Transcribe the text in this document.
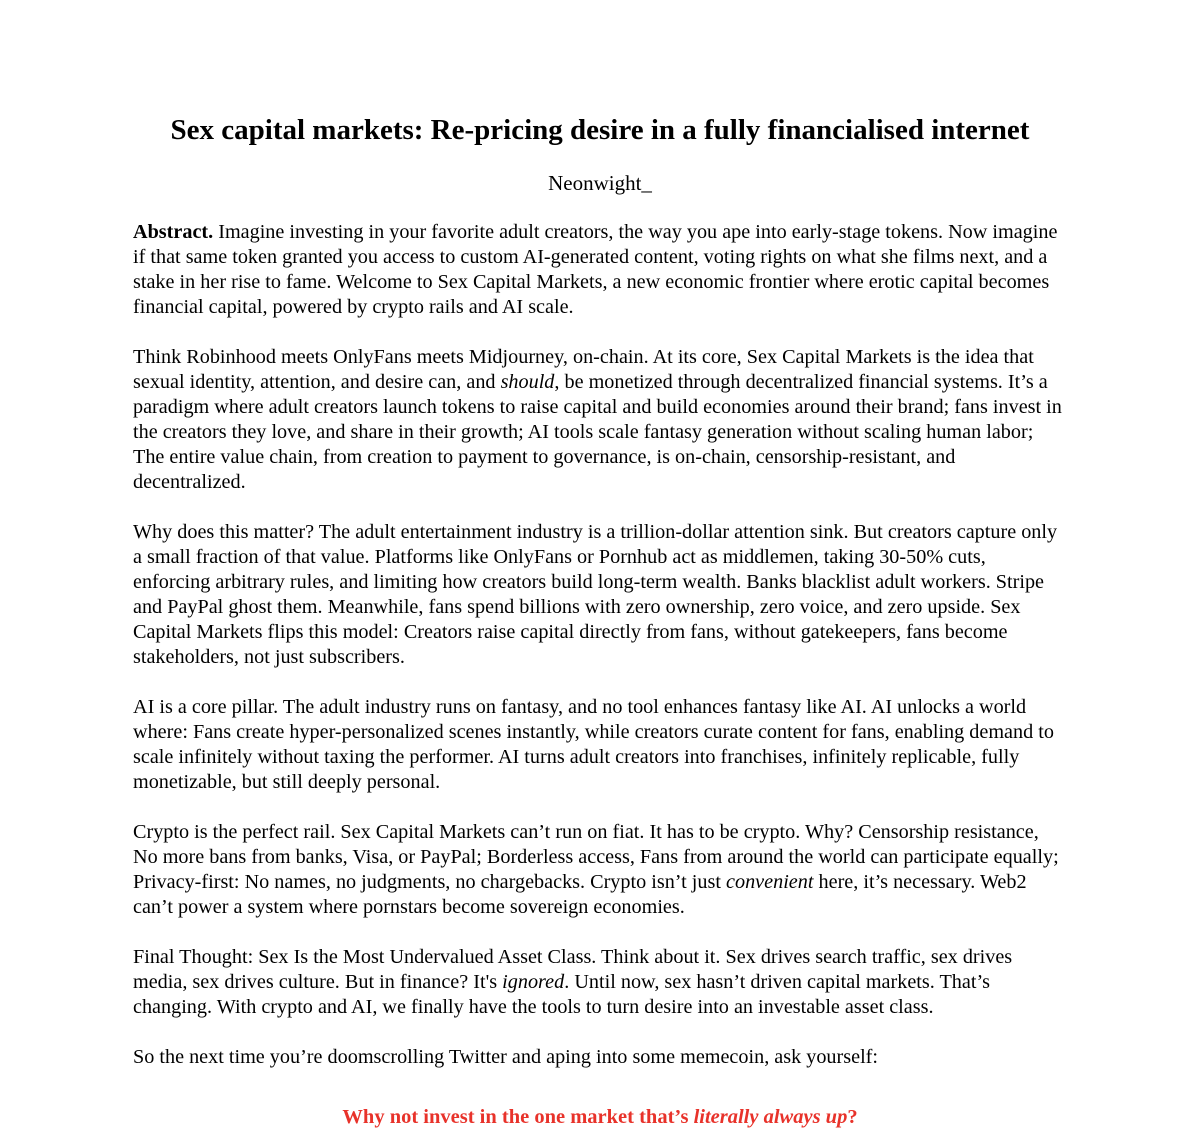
Sex capital markets: Re-pricing desire in a fully financialised internet

Neonwight_

Abstract. Imagine investing in your favorite adult creators, the way you ape into early-stage tokens. Now imagine if that same token granted you access to custom AI-generated content, voting rights on what she films next, and a stake in her rise to fame. Welcome to Sex Capital Markets, a new economic frontier where erotic capital becomes financial capital, powered by crypto rails and AI scale.

Think Robinhood meets OnlyFans meets Midjourney, on-chain. At its core, Sex Capital Markets is the idea that sexual identity, attention, and desire can, and should, be monetized through decentralized financial systems. It’s a paradigm where adult creators launch tokens to raise capital and build economies around their brand; fans invest in the creators they love, and share in their growth; AI tools scale fantasy generation without scaling human labor; The entire value chain, from creation to payment to governance, is on-chain, censorship-resistant, and decentralized.

Why does this matter? The adult entertainment industry is a trillion-dollar attention sink. But creators capture only a small fraction of that value. Platforms like OnlyFans or Pornhub act as middlemen, taking 30-50% cuts, enforcing arbitrary rules, and limiting how creators build long-term wealth. Banks blacklist adult workers. Stripe and PayPal ghost them. Meanwhile, fans spend billions with zero ownership, zero voice, and zero upside. Sex Capital Markets flips this model: Creators raise capital directly from fans, without gatekeepers, fans become stakeholders, not just subscribers.

AI is a core pillar. The adult industry runs on fantasy, and no tool enhances fantasy like AI. AI unlocks a world where: Fans create hyper-personalized scenes instantly, while creators curate content for fans, enabling demand to scale infinitely without taxing the performer. AI turns adult creators into franchises, infinitely replicable, fully monetizable, but still deeply personal.

Crypto is the perfect rail. Sex Capital Markets can’t run on fiat. It has to be crypto. Why? Censorship resistance, No more bans from banks, Visa, or PayPal; Borderless access, Fans from around the world can participate equally; Privacy-first: No names, no judgments, no chargebacks. Crypto isn’t just convenient here, it’s necessary. Web2 can’t power a system where pornstars become sovereign economies.

Final Thought: Sex Is the Most Undervalued Asset Class. Think about it. Sex drives search traffic, sex drives media, sex drives culture. But in finance? It's ignored. Until now, sex hasn’t driven capital markets. That’s changing. With crypto and AI, we finally have the tools to turn desire into an investable asset class.

So the next time you’re doomscrolling Twitter and aping into some memecoin, ask yourself:

Why not invest in the one market that’s literally always up?
